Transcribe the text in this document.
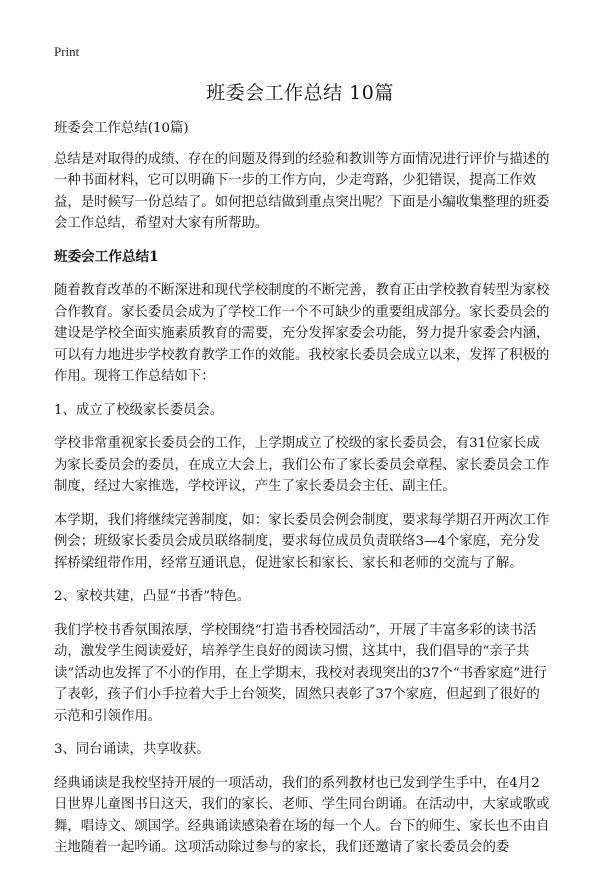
Print
班委会工作总结 10篇

班委会工作总结(10篇)

总结是对取得的成绩、存在的问题及得到的经验和教训等方面情况进行评价与描述的一种书面材料，它可以明确下一步的工作方向，少走弯路，少犯错误，提高工作效益，是时候写一份总结了。如何把总结做到重点突出呢？下面是小编收集整理的班委会工作总结，希望对大家有所帮助。

班委会工作总结1

随着教育改革的不断深进和现代学校制度的不断完善，教育正由学校教育转型为家校合作教育。家长委员会成为了学校工作一个不可缺少的重要组成部分。家长委员会的建设是学校全面实施素质教育的需要，充分发挥家委会功能，努力提升家委会内涵，可以有力地进步学校教育教学工作的效能。我校家长委员会成立以来，发挥了积极的作用。现将工作总结如下：

1、成立了校级家长委员会。

学校非常重视家长委员会的工作，上学期成立了校级的家长委员会，有31位家长成为家长委员会的委员，在成立大会上，我们公布了家长委员会章程、家长委员会工作制度，经过大家推选，学校评议，产生了家长委员会主任、副主任。

本学期，我们将继续完善制度，如：家长委员会例会制度，要求每学期召开两次工作例会；班级家长委员会成员联络制度，要求每位成员负责联络3—4个家庭，充分发挥桥梁纽带作用，经常互通讯息，促进家长和家长、家长和老师的交流与了解。

2、家校共建，凸显“书香”特色。

我们学校书香氛围浓厚，学校围绕“打造书香校园活动”，开展了丰富多彩的读书活动，激发学生阅读爱好，培养学生良好的阅读习惯，这其中，我们倡导的“亲子共读”活动也发挥了不小的作用，在上学期末，我校对表现突出的37个“书香家庭”进行了表彰，孩子们小手拉着大手上台领奖，固然只表彰了37个家庭，但起到了很好的示范和引领作用。

3、同台诵读，共享收获。

经典诵读是我校坚持开展的一项活动，我们的系列教材也已发到学生手中，在4月2日世界儿童图书日这天，我们的家长、老师、学生同台朗诵。在活动中，大家或歌或舞，唱诗文、颂国学。经典诵读感染着在场的每一个人。台下的师生、家长也不由自主地随着一起吟诵。这项活动除过参与的家长，我们还邀请了家长委员会的委
